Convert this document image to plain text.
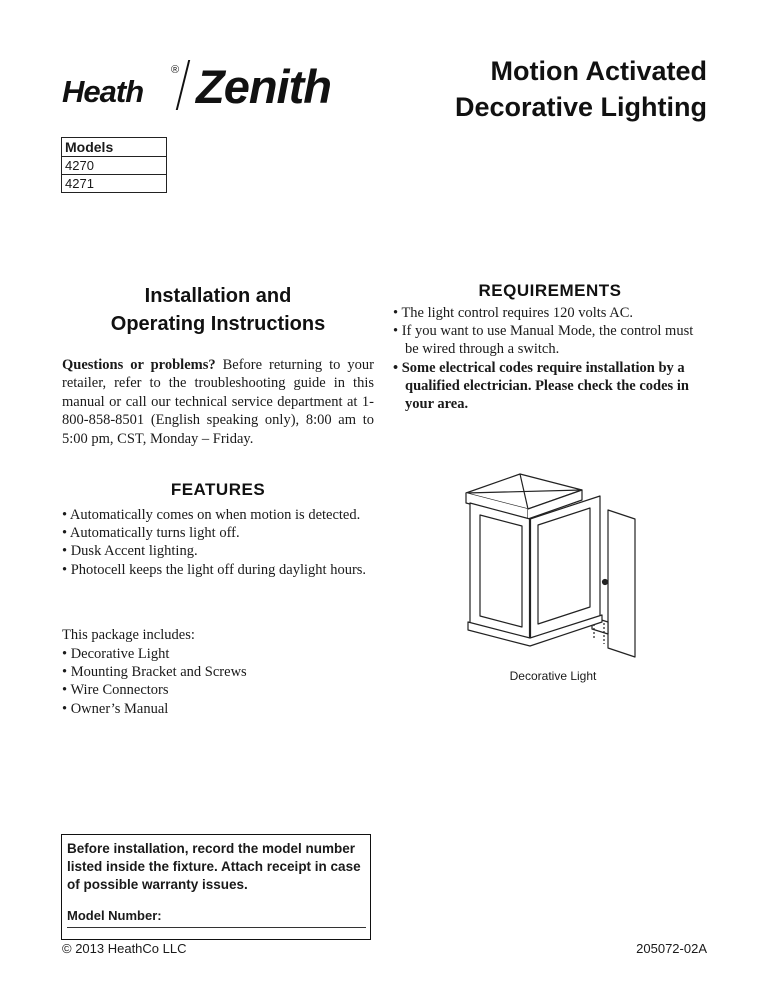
Heath
® Zenith	Motion Activated
Decorative Lighting
Models
4270
4271
Installation and
Operating Instructions
Questions or problems? Before returning to your retailer, refer to the troubleshooting guide in this manual or call our technical service department at 1-800-858-8501 (English speaking only), 8:00 am to 5:00 pm, CST, Monday – Friday.
REQUIREMENTS
• The light control requires 120 volts AC.
• If you want to use Manual Mode, the control must be wired through a switch.
• Some electrical codes require installation by a qualified electrician. Please check the codes in your area.
FEATURES
• Automatically comes on when motion is detected.
• Automatically turns light off.
• Dusk Accent lighting.
• Photocell keeps the light off during daylight hours.
This package includes:
• Decorative Light
• Mounting Bracket and Screws
• Wire Connectors
• Owner’s Manual
Decorative Light
Before installation, record the model number listed inside the fixture. Attach receipt in case of possible warranty issues.
Model Number:
© 2013 HeathCo LLC	205072-02A
